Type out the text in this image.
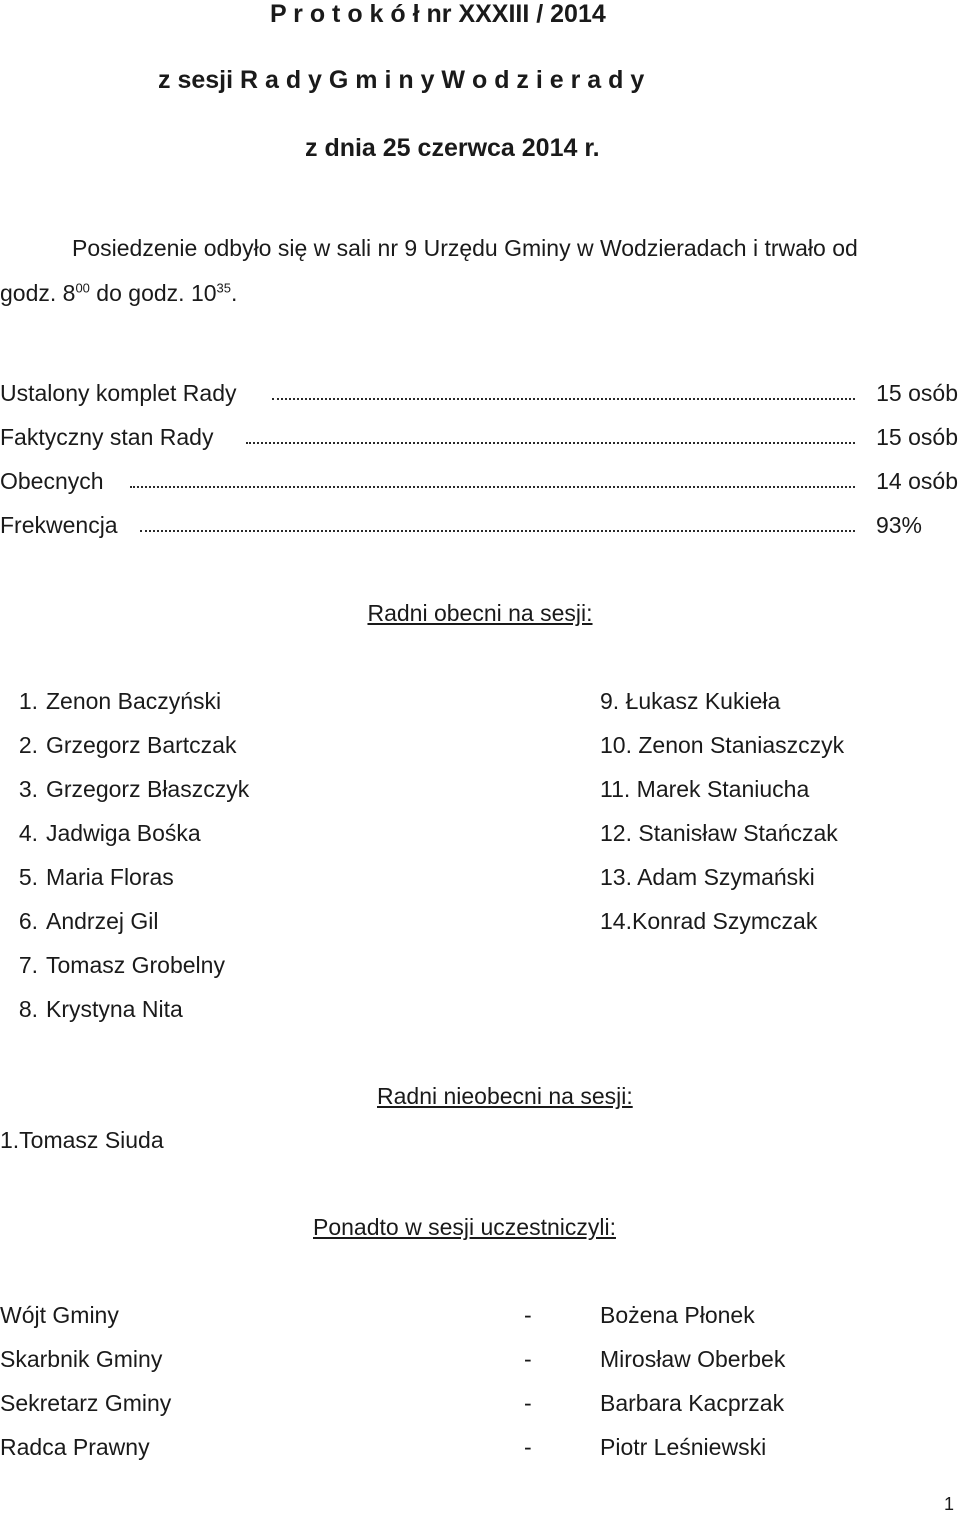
P r o t o k ó ł nr XXXIII / 2014
z sesji R a d y G m i n y W o d z i e r a d y
z dnia 25 czerwca 2014 r.
Posiedzenie odbyło się w sali nr 9 Urzędu Gminy w Wodzieradach i trwało od
godz. $8^{00}$ do godz. $10^{35}$.
Ustalony komplet Rady	15 osób
Faktyczny stan Rady	15 osób
Obecnych	14 osób
Frekwencja	93%
Radni obecni na sesji:
1. Zenon Baczyński
2. Grzegorz Bartczak
3. Grzegorz Błaszczyk
4. Jadwiga Bośka
5. Maria Floras
6. Andrzej Gil
7. Tomasz Grobelny
8. Krystyna Nita
9. Łukasz Kukieła
10. Zenon Staniaszczyk
11. Marek Staniucha
12. Stanisław Stańczak
13. Adam Szymański
14.Konrad Szymczak
Radni nieobecni na sesji:
1.Tomasz Siuda
Ponadto w sesji uczestniczyli:
Wójt Gminy	-	Bożena Płonek
Skarbnik Gminy	-	Mirosław Oberbek
Sekretarz Gminy	-	Barbara Kacprzak
Radca Prawny	-	Piotr Leśniewski
1
